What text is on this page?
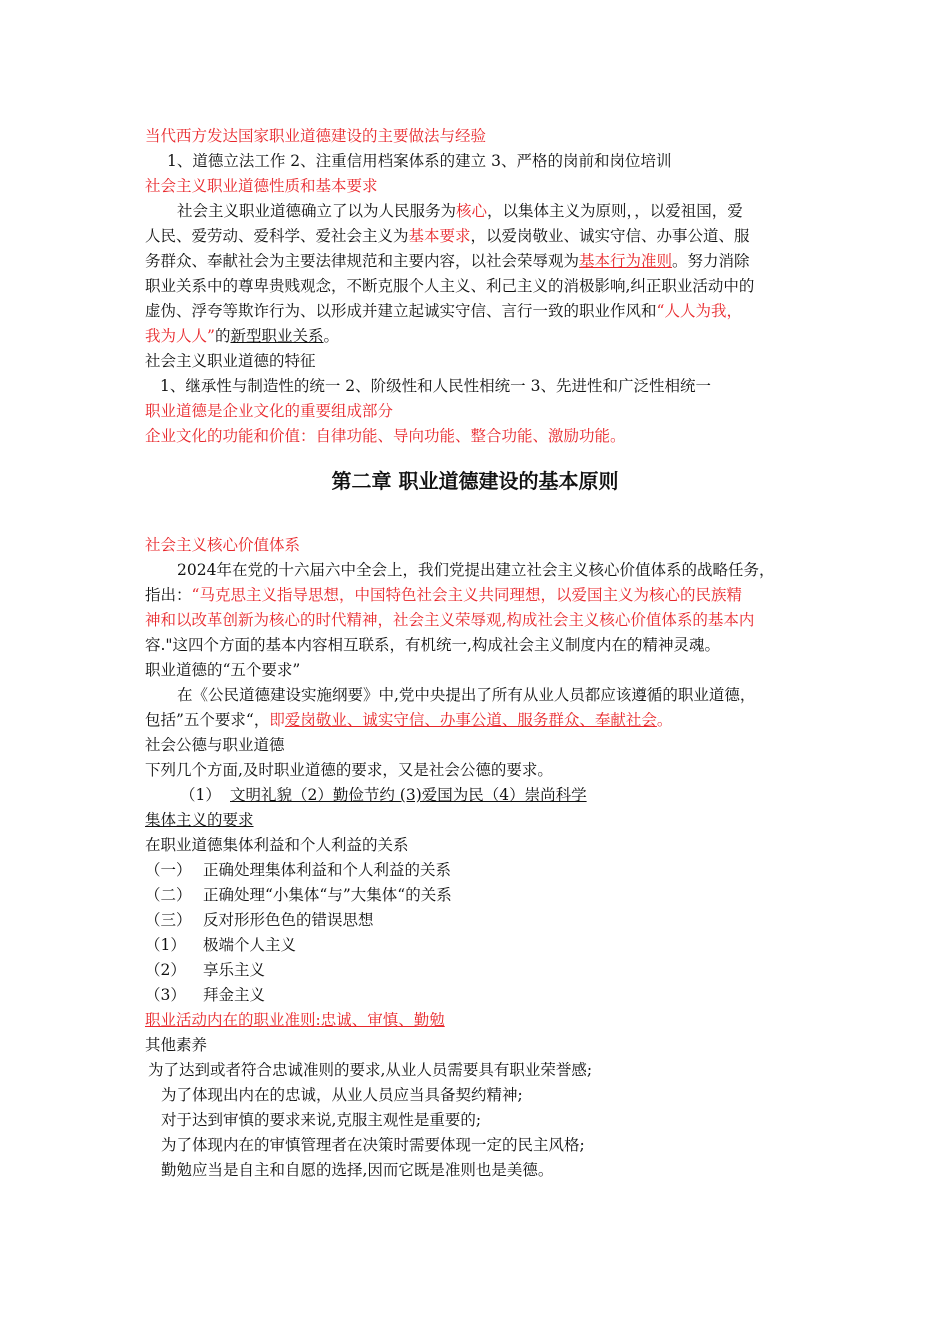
当代西方发达国家职业道德建设的主要做法与经验
1、道德立法工作 2、注重信用档案体系的建立 3、严格的岗前和岗位培训
社会主义职业道德性质和基本要求
社会主义职业道德确立了以为人民服务为核心，以集体主义为原则，，以爱祖国，爱
人民、爱劳动、爱科学、爱社会主义为基本要求，以爱岗敬业、诚实守信、办事公道、服
务群众、奉献社会为主要法律规范和主要内容，以社会荣辱观为基本行为准则。努力消除
职业关系中的尊卑贵贱观念，不断克服个人主义、利己主义的消极影响,纠正职业活动中的
虚伪、浮夸等欺诈行为、以形成并建立起诚实守信、言行一致的职业作风和“人人为我，
我为人人”的新型职业关系。
社会主义职业道德的特征
1、继承性与制造性的统一 2、阶级性和人民性相统一 3、先进性和广泛性相统一
职业道德是企业文化的重要组成部分
企业文化的功能和价值：自律功能、导向功能、整合功能、激励功能。
第二章 职业道德建设的基本原则
社会主义核心价值体系
2024年在党的十六届六中全会上，我们党提出建立社会主义核心价值体系的战略任务，
指出：“马克思主义指导思想，中国特色社会主义共同理想，以爱国主义为核心的民族精
神和以改革创新为核心的时代精神，社会主义荣辱观,构成社会主义核心价值体系的基本内
容."这四个方面的基本内容相互联系，有机统一,构成社会主义制度内在的精神灵魂。
职业道德的“五个要求”
在《公民道德建设实施纲要》中,党中央提出了所有从业人员都应该遵循的职业道德，
包括”五个要求“，即爱岗敬业、诚实守信、办事公道、服务群众、奉献社会。
社会公德与职业道德
下列几个方面,及时职业道德的要求，又是社会公德的要求。
（1） 文明礼貌（2）勤俭节约 (3)爱国为民（4）崇尚科学
集体主义的要求
在职业道德集体利益和个人利益的关系
（一） 正确处理集体利益和个人利益的关系
（二） 正确处理“小集体“与”大集体“的关系
（三） 反对形形色色的错误思想
（1） 极端个人主义
（2） 享乐主义
（3） 拜金主义
职业活动内在的职业准则:忠诚、审慎、勤勉
其他素养
为了达到或者符合忠诚准则的要求,从业人员需要具有职业荣誉感;
为了体现出内在的忠诚，从业人员应当具备契约精神;
对于达到审慎的要求来说,克服主观性是重要的;
为了体现内在的审慎管理者在决策时需要体现一定的民主风格;
勤勉应当是自主和自愿的选择,因而它既是准则也是美德。
